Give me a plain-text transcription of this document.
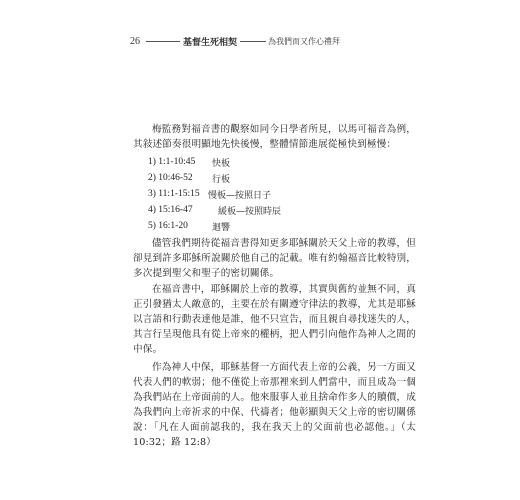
26	基督生死相契	為我們而又作心禮拜

梅監務對福音書的觀察如同今日學者所見，以馬可福音為例，其敍述節奏很明顯地先快後慢，整體情節進展從極快到極慢：

1) 1:1-10:45	快板
2) 10:46-52	行板
3) 11:1-15:15 慢板—按照日子
4) 15:16-47	緩板—按照時辰
5) 16:1-20	迴響

儘管我們期待從福音書得知更多耶穌關於天父上帝的教導，但卻見到許多耶穌所說關於他自己的記載。唯有約翰福音比較特別，多次提到聖父和聖子的密切關係。

在福音書中，耶穌關於上帝的教導，其實與舊約並無不同，真正引發猶太人敵意的，主要在於有關遵守律法的教導，尤其是耶穌以言語和行動表達他是誰，他不只宣告，而且親自尋找迷失的人，其言行呈現他具有從上帝來的權柄，把人們引向他作為神人之間的中保。

作為神人中保，耶穌基督一方面代表上帝的公義，另一方面又代表人們的軟弱；他不僅從上帝那裡來到人們當中，而且成為一個為我們站在上帝面前的人。他來服事人並且捨命作多人的贖價，成為我們向上帝祈求的中保、代禱者；他彰顯與天父上帝的密切關係說：「凡在人面前認我的，我在我天上的父面前也必認他。」（太 10:32；路 12:8）
